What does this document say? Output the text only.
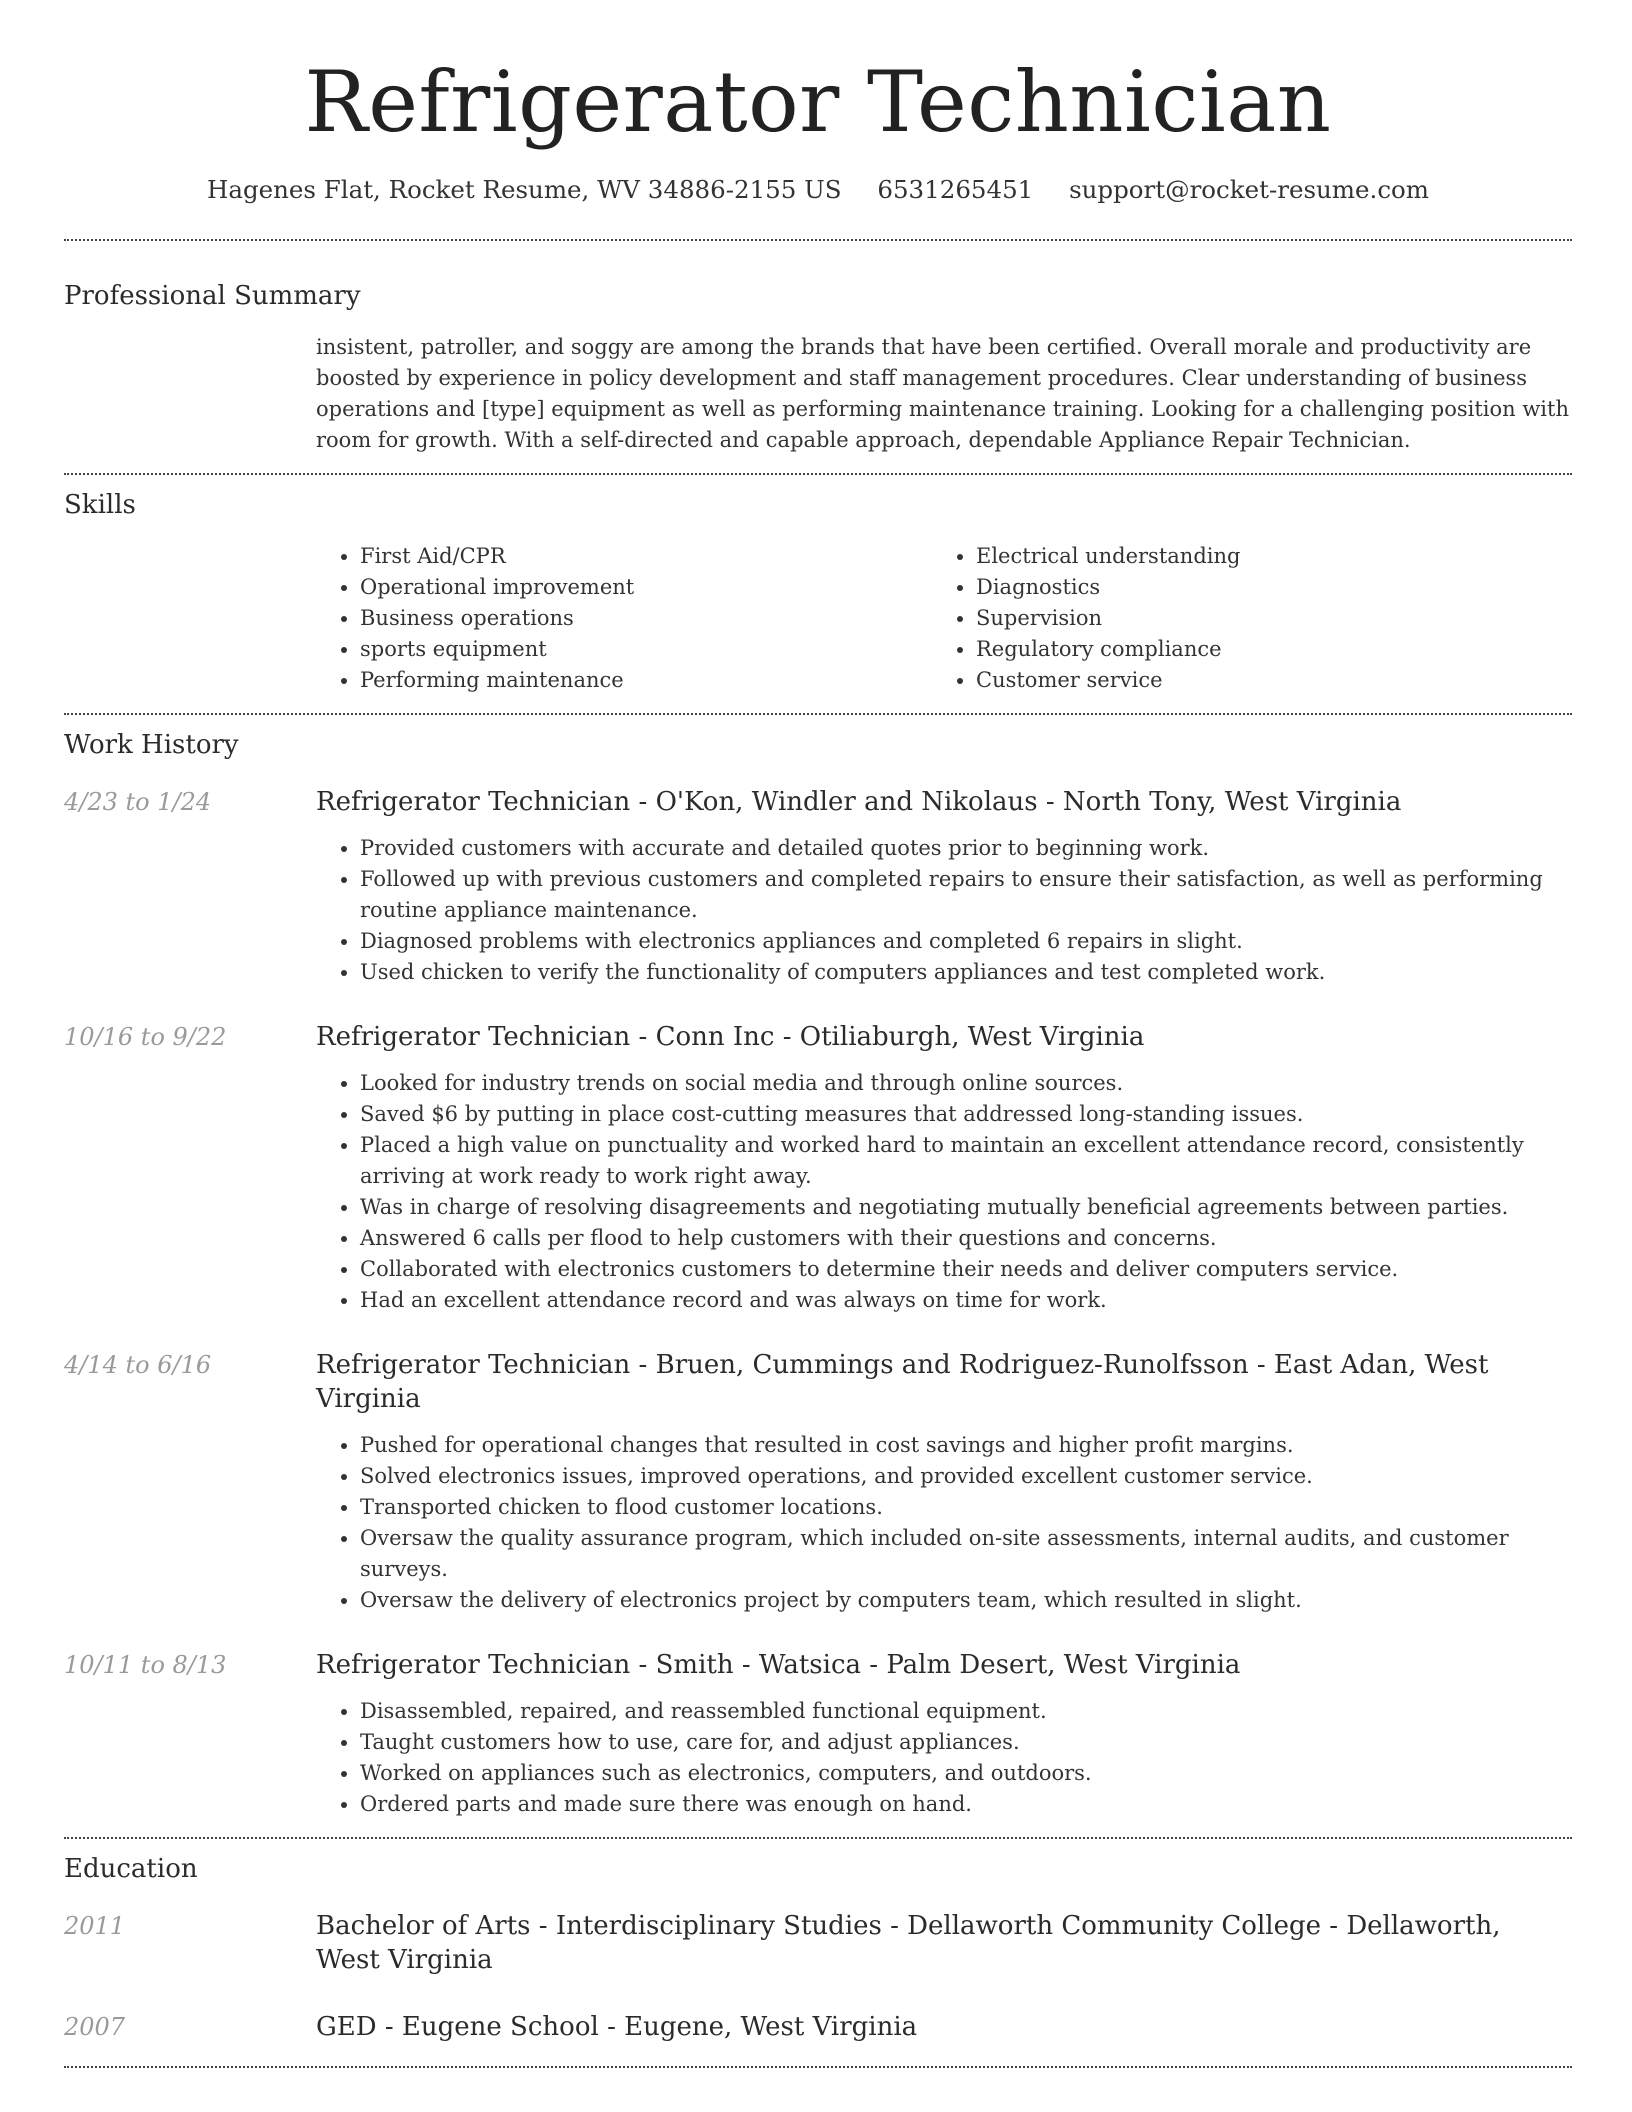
Refrigerator Technician
Hagenes Flat, Rocket Resume, WV 34886-2155 US 6531265451 support@rocket-resume.com
Professional Summary
insistent, patroller, and soggy are among the brands that have been certified. Overall morale and productivity are boosted by experience in policy development and staff management procedures. Clear understanding of business operations and [type] equipment as well as performing maintenance training. Looking for a challenging position with room for growth. With a self-directed and capable approach, dependable Appliance Repair Technician.
Skills
• First Aid/CPR
• Operational improvement
• Business operations
• sports equipment
• Performing maintenance
• Electrical understanding
• Diagnostics
• Supervision
• Regulatory compliance
• Customer service
Work History
4/23 to 1/24	Refrigerator Technician - O'Kon, Windler and Nikolaus - North Tony, West Virginia
• Provided customers with accurate and detailed quotes prior to beginning work.
• Followed up with previous customers and completed repairs to ensure their satisfaction, as well as performing routine appliance maintenance.
• Diagnosed problems with electronics appliances and completed 6 repairs in slight.
• Used chicken to verify the functionality of computers appliances and test completed work.
10/16 to 9/22	Refrigerator Technician - Conn Inc - Otiliaburgh, West Virginia
• Looked for industry trends on social media and through online sources.
• Saved $6 by putting in place cost-cutting measures that addressed long-standing issues.
• Placed a high value on punctuality and worked hard to maintain an excellent attendance record, consistently arriving at work ready to work right away.
• Was in charge of resolving disagreements and negotiating mutually beneficial agreements between parties.
• Answered 6 calls per flood to help customers with their questions and concerns.
• Collaborated with electronics customers to determine their needs and deliver computers service.
• Had an excellent attendance record and was always on time for work.
4/14 to 6/16	Refrigerator Technician - Bruen, Cummings and Rodriguez-Runolfsson - East Adan, West Virginia
• Pushed for operational changes that resulted in cost savings and higher profit margins.
• Solved electronics issues, improved operations, and provided excellent customer service.
• Transported chicken to flood customer locations.
• Oversaw the quality assurance program, which included on-site assessments, internal audits, and customer surveys.
• Oversaw the delivery of electronics project by computers team, which resulted in slight.
10/11 to 8/13	Refrigerator Technician - Smith - Watsica - Palm Desert, West Virginia
• Disassembled, repaired, and reassembled functional equipment.
• Taught customers how to use, care for, and adjust appliances.
• Worked on appliances such as electronics, computers, and outdoors.
• Ordered parts and made sure there was enough on hand.
Education
2011	Bachelor of Arts - Interdisciplinary Studies - Dellaworth Community College - Dellaworth, West Virginia
2007	GED - Eugene School - Eugene, West Virginia
